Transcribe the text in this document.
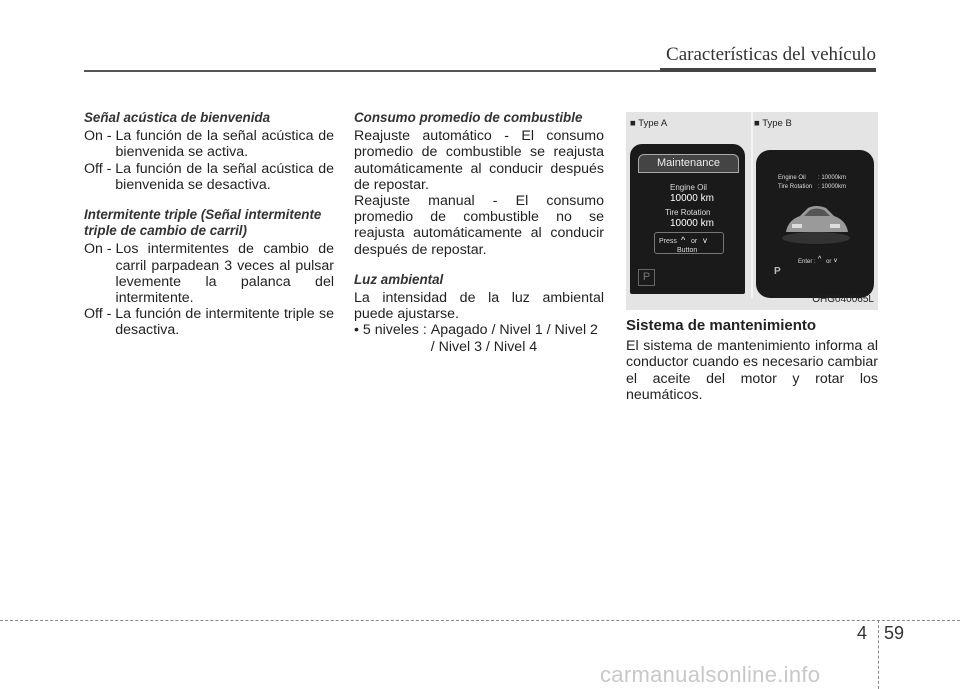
Características del vehículo
Señal acústica de bienvenida
On - La función de la señal acústica de bienvenida se activa.
Off - La función de la señal acústica de bienvenida se desactiva.
Intermitente triple (Señal intermitente
triple de cambio de carril)
On - Los intermitentes de cambio de carril parpadean 3 veces al pulsar levemente la palanca del intermitente.
Off - La función de intermitente triple se desactiva.
Consumo promedio de combustible

Reajuste automático - El consumo promedio de combustible se reajusta automáticamente al conducir después de repostar.

Reajuste manual - El consumo promedio de combustible no se reajusta automáticamente al conducir después de repostar.

Luz ambiental

La intensidad de la luz ambiental puede ajustarse.

• 5 niveles : Apagado / Nivel 1 / Nivel 2 / Nivel 3 / Nivel 4
■ Type A	■ Type B
Maintenance
Engine Oil
10000 km
Tire Rotation
10000 km
Press ^ or v
Button
P
Engine Oil : 10000km
Tire Rotation : 10000km
Enter : ^ or v
P
OHG040065L
Sistema de mantenimiento

El sistema de mantenimiento informa al conductor cuando es necesario cambiar el aceite del motor y rotar los neumáticos.

4 59
carmanualsonline.info
